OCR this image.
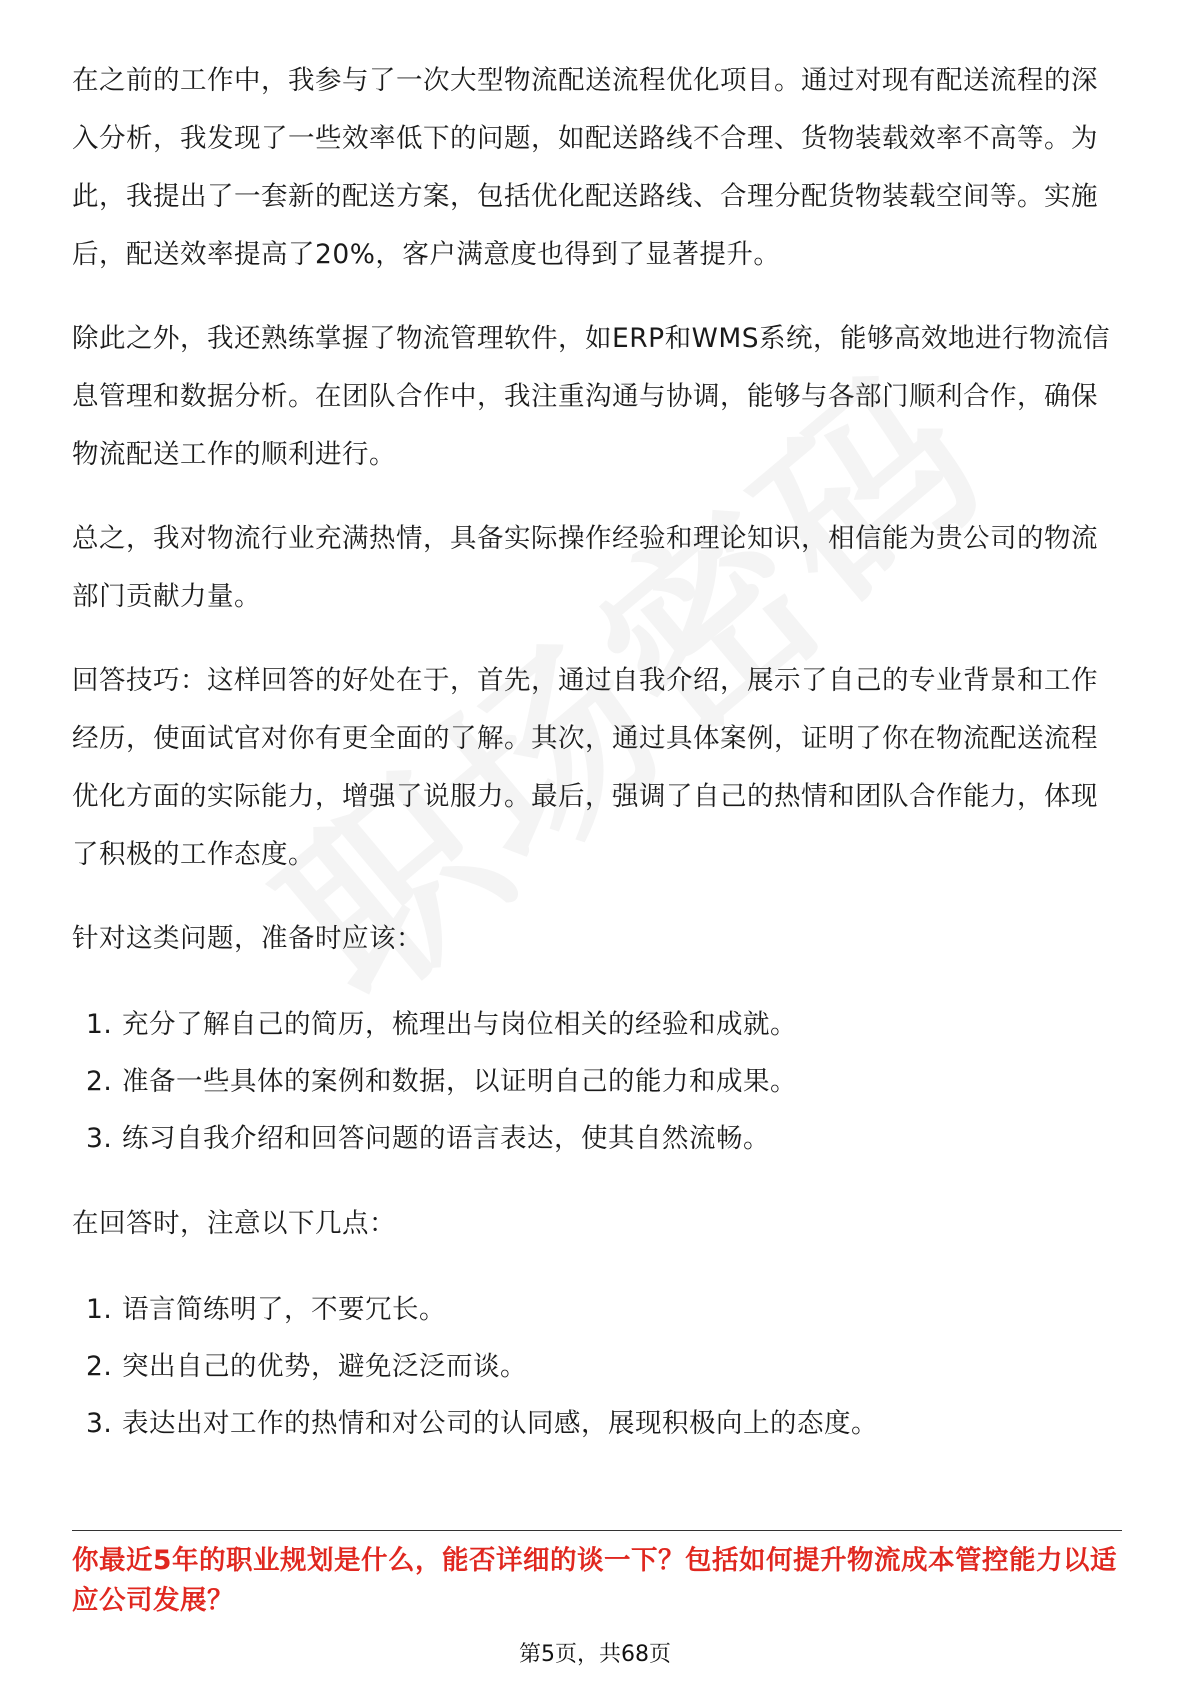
在之前的工作中，我参与了一次大型物流配送流程优化项目。通过对现有配送流程的深入分析，我发现了一些效率低下的问题，如配送路线不合理、货物装载效率不高等。为此，我提出了一套新的配送方案，包括优化配送路线、合理分配货物装载空间等。实施后，配送效率提高了20%，客户满意度也得到了显著提升。

除此之外，我还熟练掌握了物流管理软件，如ERP和WMS系统，能够高效地进行物流信息管理和数据分析。在团队合作中，我注重沟通与协调，能够与各部门顺利合作，确保物流配送工作的顺利进行。

总之，我对物流行业充满热情，具备实际操作经验和理论知识，相信能为贵公司的物流部门贡献力量。

回答技巧：这样回答的好处在于，首先，通过自我介绍，展示了自己的专业背景和工作经历，使面试官对你有更全面的了解。其次，通过具体案例，证明了你在物流配送流程优化方面的实际能力，增强了说服力。最后，强调了自己的热情和团队合作能力，体现了积极的工作态度。

针对这类问题，准备时应该：

1. 充分了解自己的简历，梳理出与岗位相关的经验和成就。
2. 准备一些具体的案例和数据，以证明自己的能力和成果。
3. 练习自我介绍和回答问题的语言表达，使其自然流畅。

在回答时，注意以下几点：

1. 语言简练明了，不要冗长。
2. 突出自己的优势，避免泛泛而谈。
3. 表达出对工作的热情和对公司的认同感，展现积极向上的态度。

你最近5年的职业规划是什么，能否详细的谈一下？包括如何提升物流成本管控能力以适应公司发展？

第5页，共68页
